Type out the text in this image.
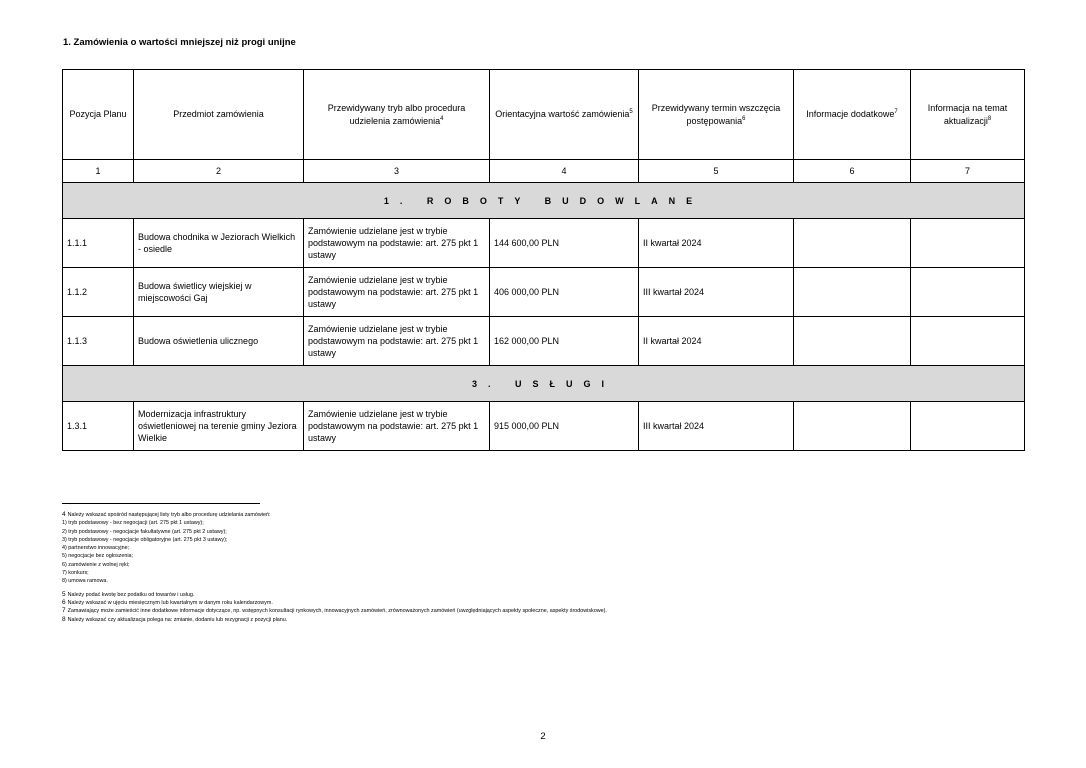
1. Zamówienia o wartości mniejszej niż progi unijne
Pozycja Planu	Przedmiot zamówienia	Przewidywany tryb albo procedura udzielenia zamówienia$^4$	Orientacyjna wartość zamówienia$^5$	Przewidywany termin wszczęcia postępowania$^6$	Informacje dodatkowe$^7$	Informacja na temat aktualizacji$^8$
1	2	3	4	5	6	7
1. ROBOTY BUDOWLANE						
1.1.1	Budowa chodnika w Jeziorach Wielkich - osiedle	Zamówienie udzielane jest w trybie podstawowym na podstawie: art. 275 pkt 1 ustawy	144 600,00 PLN	II kwartał 2024		
1.1.2	Budowa świetlicy wiejskiej w miejscowości Gaj	Zamówienie udzielane jest w trybie podstawowym na podstawie: art. 275 pkt 1 ustawy	406 000,00 PLN	III kwartał 2024		
1.1.3	Budowa oświetlenia ulicznego	Zamówienie udzielane jest w trybie podstawowym na podstawie: art. 275 pkt 1 ustawy	162 000,00 PLN	II kwartał 2024		
3. USŁUGI						
1.3.1	Modernizacja infrastruktury oświetleniowej na terenie gminy Jeziora Wielkie	Zamówienie udzielane jest w trybie podstawowym na podstawie: art. 275 pkt 1 ustawy	915 000,00 PLN	III kwartał 2024		
4 Należy wskazać spośród następującej listy tryb albo procedurę udzielania zamówień:
1) tryb podstawowy - bez negocjacji (art. 275 pkt 1 ustawy);
2) tryb podstawowy - negocjacje fakultatywne (art. 275 pkt 2 ustawy);
3) tryb podstawowy - negocjacje obligatoryjne (art. 275 pkt 3 ustawy);
4) partnerstwo innowacyjne;
5) negocjacje bez ogłoszenia;
6) zamówienie z wolnej ręki;
7) konkurs;
8) umowa ramowa.
5 Należy podać kwotę bez podatku od towarów i usług.
6 Należy wskazać w ujęciu miesięcznym lub kwartalnym w danym roku kalendarzowym.
7 Zamawiający może zamieścić inne dodatkowe informacje dotyczące, np. wstępnych konsultacji rynkowych, innowacyjnych zamówień, zrównoważonych zamówień (uwzględniających aspekty społeczne, aspekty środowiskowe).
8 Należy wskazać czy aktualizacja polega na: zmianie, dodaniu lub rezygnacji z pozycji planu.
2
